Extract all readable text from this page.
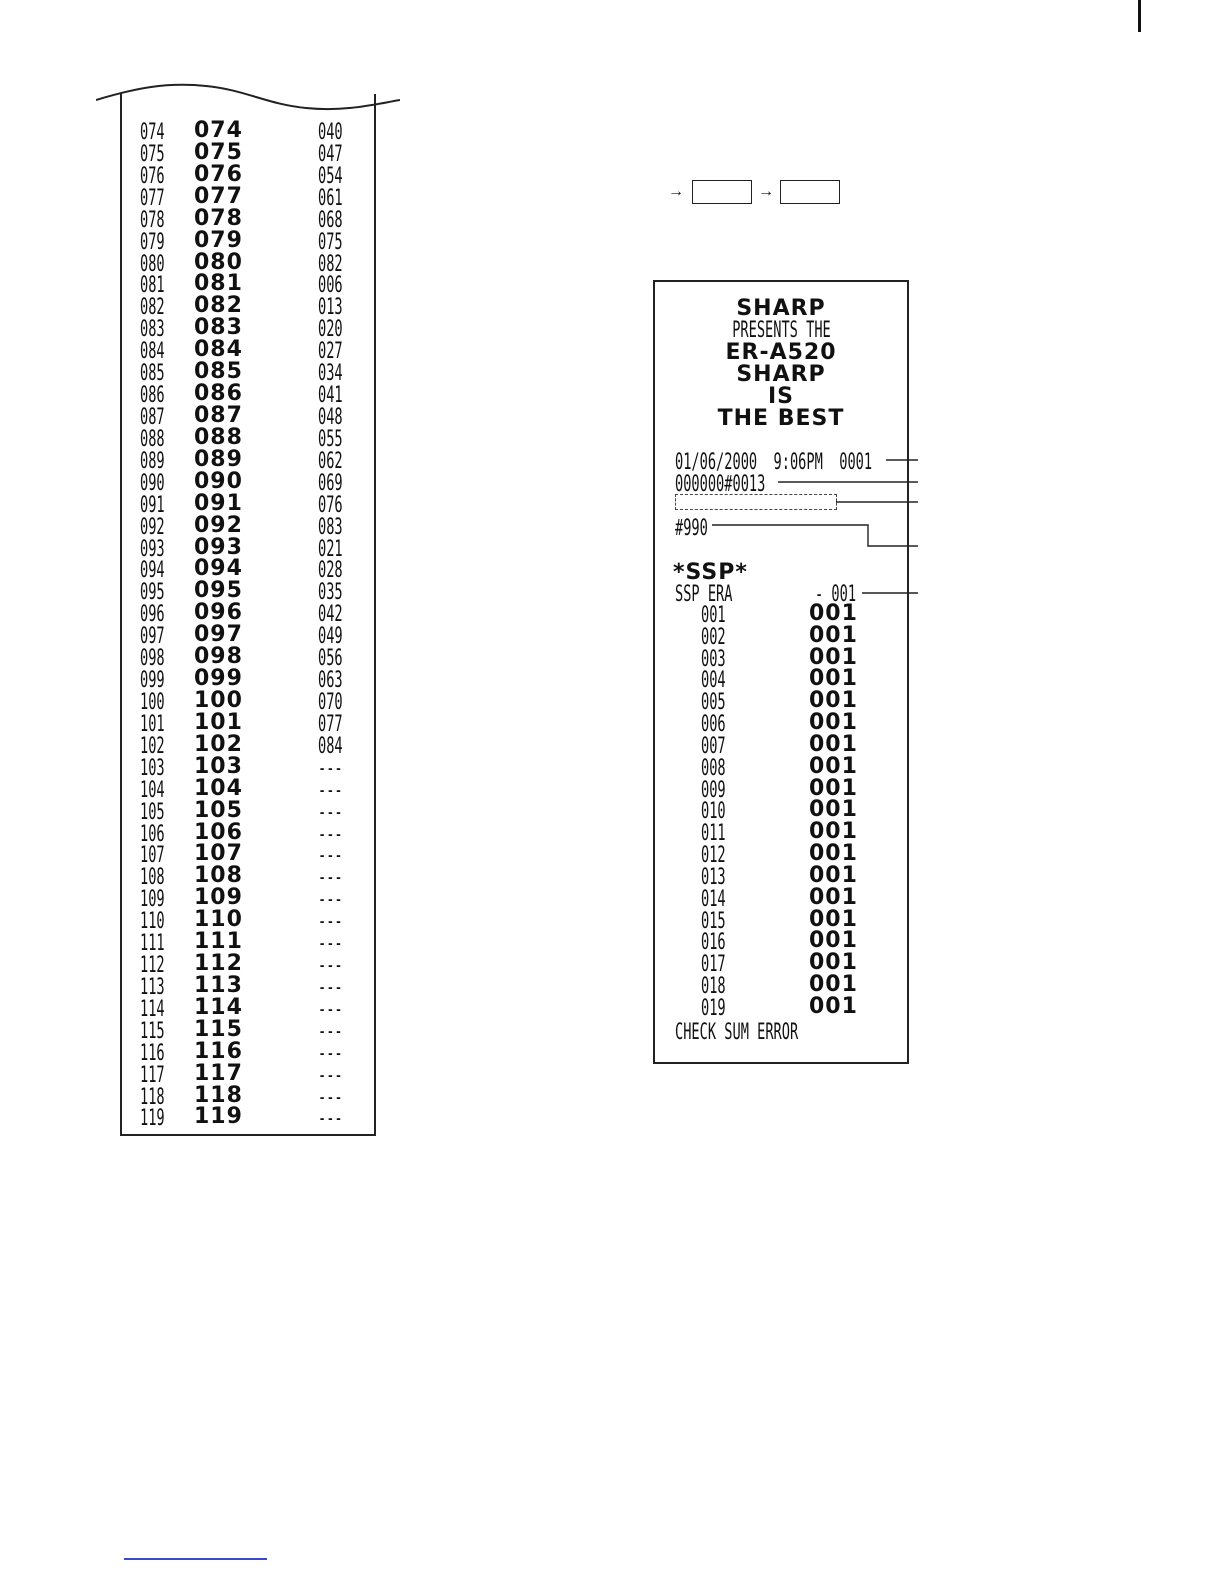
074 074	040
075 075	047
076 076	054
077 077	061
078 078	068
079 079	075
080 080	082
081 081	006
082 082	013
083 083	020
084 084	027
085 085	034
086 086	041
087 087	048
088 088	055
089 089	062
090 090	069
091 091	076
092 092	083
093 093	021
094 094	028
095 095	035
096 096	042
097 097	049
098 098	056
099 099	063
100 100	070
101 101	077
102 102	084
103 103	---
104 104	---
105 105	---
106 106	---
107 107	---
108 108	---
109 109	---
110 110	---
111 111	---
112 112	---
113 113	---
114 114	---
115 115	---
116 116	---
117 117	---
118 118	---
119 119	---
→	→
SHARP
PRESENTS THE
ER-A520
SHARP
IS
THE BEST
01/06/2000  9:06PM  0001
000000#0013
#990
*SSP*
SSP ERA	- 001
001	001
002	001
003	001
004	001
005	001
006	001
007	001
008	001
009	001
010	001
011	001
012	001
013	001
014	001
015	001
016	001
017	001
018	001
019	001
CHECK SUM ERROR
